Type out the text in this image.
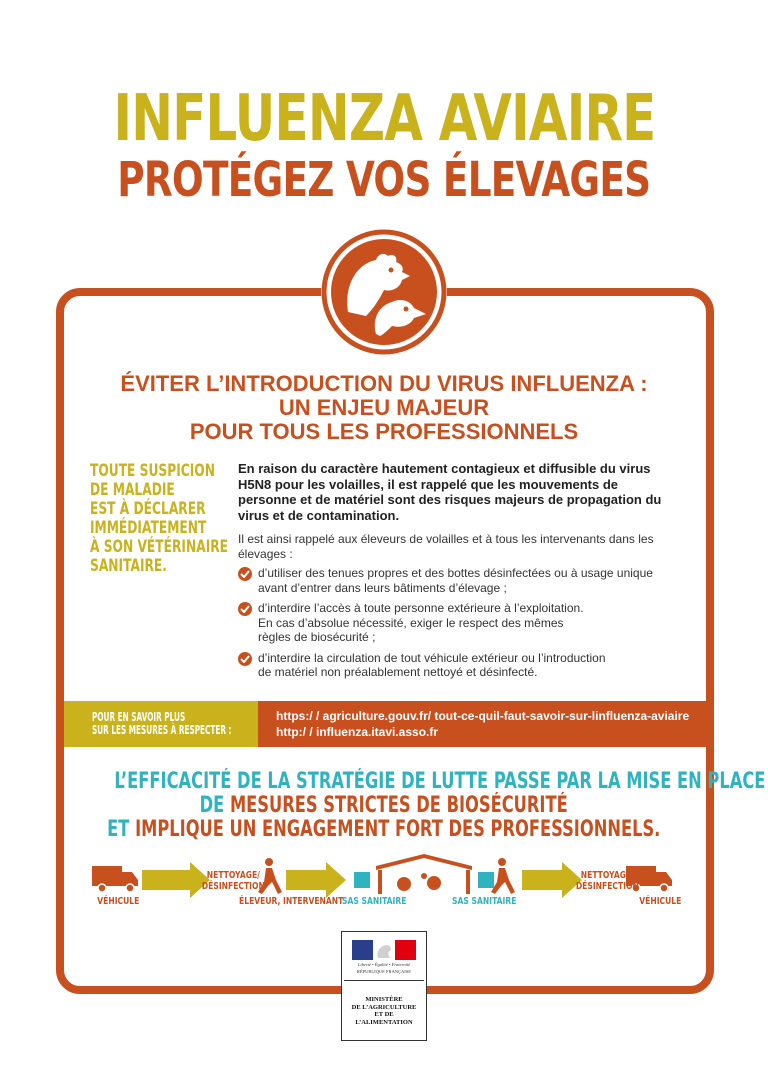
INFLUENZA AVIAIRE
PROTÉGEZ VOS ÉLEVAGES
ÉVITER L’INTRODUCTION DU VIRUS INFLUENZA :
UN ENJEU MAJEUR
POUR TOUS LES PROFESSIONNELS
TOUTE SUSPICION
DE MALADIE
EST À DÉCLARER
IMMÉDIATEMENT
À SON VÉTÉRINAIRE
SANITAIRE.
En raison du caractère hautement contagieux et diffusible du virus H5N8 pour les volailles, il est rappelé que les mouvements de personne et de matériel sont des risques majeurs de propagation du virus et de contamination.
Il est ainsi rappelé aux éleveurs de volailles et à tous les intervenants dans les élevages :
d’utiliser des tenues propres et des bottes désinfectées ou à usage unique
avant d’entrer dans leurs bâtiments d’élevage ;
d’interdire l’accès à toute personne extérieure à l’exploitation.
En cas d’absolue nécessité, exiger le respect des mêmes
règles de biosécurité ;
d’interdire la circulation de tout véhicule extérieur ou l’introduction
de matériel non préalablement nettoyé et désinfecté.
POUR EN SAVOIR PLUS
SUR LES MESURES À RESPECTER :
https:/ / agriculture.gouv.fr/ tout-ce-quil-faut-savoir-sur-linfluenza-aviaire
http:/ / influenza.itavi.asso.fr
L’EFFICACITÉ DE LA STRATÉGIE DE LUTTE PASSE PAR LA MISE EN PLACE
DE MESURES STRICTES DE BIOSÉCURITÉ
ET IMPLIQUE UN ENGAGEMENT FORT DES PROFESSIONNELS.
VÉHICULE
NETTOYAGE/
DÉSINFECTION
ÉLEVEUR, INTERVENANT
SAS SANITAIRE	SAS SANITAIRE
NETTOYAGE/
DÉSINFECTION
VÉHICULE
Liberté • Égalité • Fraternité
RÉPUBLIQUE FRANÇAISE
MINISTÈRE
DE L’AGRICULTURE
ET DE
L’ALIMENTATION
